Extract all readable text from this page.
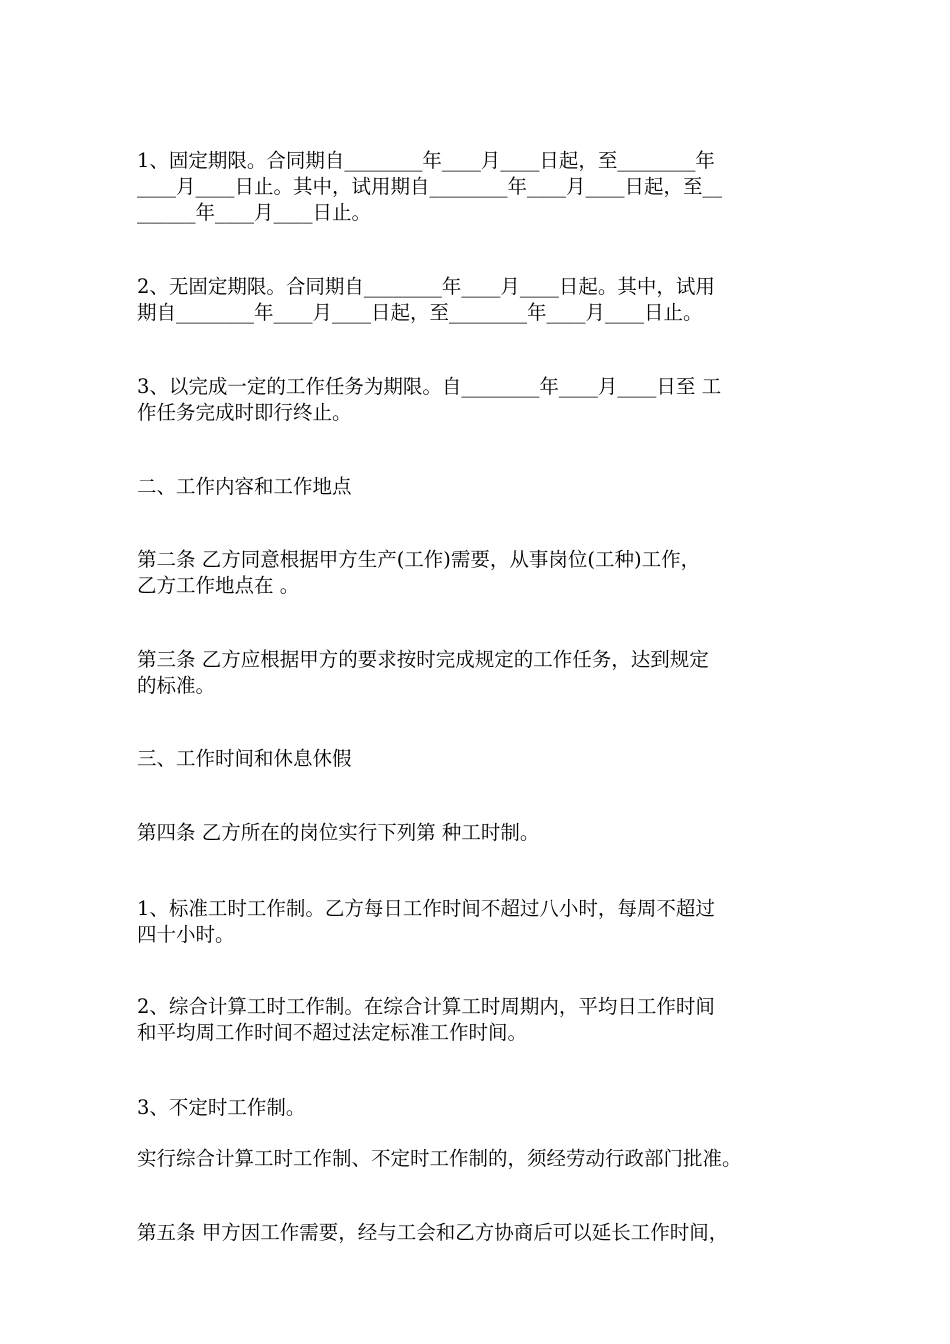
1、固定期限。合同期自________年____月____日起，至________年
____月____日止。其中，试用期自________年____月____日起，至__
______年____月____日止。

2、无固定期限。合同期自________年____月____日起。其中，试用
期自________年____月____日起，至________年____月____日止。

3、以完成一定的工作任务为期限。自________年____月____日至 工
作任务完成时即行终止。

二、工作内容和工作地点

第二条 乙方同意根据甲方生产(工作)需要，从事岗位(工种)工作，
乙方工作地点在 。

第三条 乙方应根据甲方的要求按时完成规定的工作任务，达到规定
的标准。

三、工作时间和休息休假

第四条 乙方所在的岗位实行下列第 种工时制。

1、标准工时工作制。乙方每日工作时间不超过八小时，每周不超过
四十小时。

2、综合计算工时工作制。在综合计算工时周期内，平均日工作时间
和平均周工作时间不超过法定标准工作时间。

3、不定时工作制。

实行综合计算工时工作制、不定时工作制的，须经劳动行政部门批准。

第五条 甲方因工作需要，经与工会和乙方协商后可以延长工作时间，
